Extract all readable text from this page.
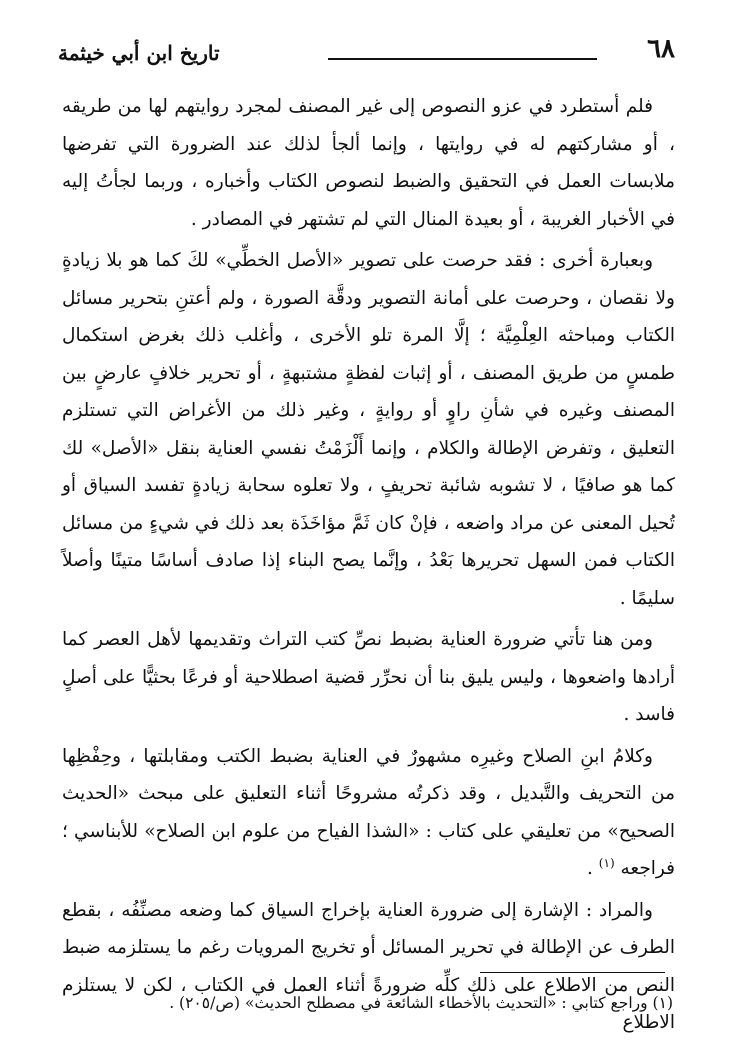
٦٨
تاريخ ابن أبي خيثمة

فلم أستطرد في عزو النصوص إلى غير المصنف لمجرد روايتهم لها من طريقه ، أو مشاركتهم له في روايتها ، وإنما ألجأ لذلك عند الضرورة التي تفرضها ملابسات العمل في التحقيق والضبط لنصوص الكتاب وأخباره ، وربما لجأتُ إليه في الأخبار الغريبة ، أو بعيدة المنال التي لم تشتهر في المصادر .

وبعبارة أخرى : فقد حرصت على تصوير «الأصل الخطِّي» لكَ كما هو بلا زيادةٍ ولا نقصان ، وحرصت على أمانة التصوير ودقَّة الصورة ، ولم أعتنِ بتحرير مسائل الكتاب ومباحثه العِلْمِيَّة ؛ إلَّا المرة تلو الأخرى ، وأغلب ذلك بغرض استكمال طمسٍ من طريق المصنف ، أو إثبات لفظةٍ مشتبهةٍ ، أو تحرير خلافٍ عارضٍ بين المصنف وغيره في شأنِ راوٍ أو روايةٍ ، وغير ذلك من الأغراض التي تستلزم التعليق ، وتفرض الإطالة والكلام ، وإنما أَلْزَمْتُ نفسي العناية بنقل «الأصل» لك كما هو صافيًا ، لا تشوبه شائبة تحريفٍ ، ولا تعلوه سحابة زيادةٍ تفسد السياق أو تُحيل المعنى عن مراد واضعه ، فإنْ كان ثَمَّ مؤاخَذَة بعد ذلك في شيءٍ من مسائل الكتاب فمن السهل تحريرها بَعْدُ ، وإنَّما يصح البناء إذا صادف أساسًا متينًا وأصلاً سليمًا .

ومن هنا تأتي ضرورة العناية بضبط نصِّ كتب التراث وتقديمها لأهل العصر كما أرادها واضعوها ، وليس يليق بنا أن نحرِّر قضية اصطلاحية أو فرعًا بحثيًّا على أصلٍ فاسد .

وكلامُ ابنِ الصلاح وغيرِه مشهورٌ في العناية بضبط الكتب ومقابلتها ، وحِفْظِها من التحريف والتَّبديل ، وقد ذكرتُه مشروحًا أثناء التعليق على مبحث «الحديث الصحيح» من تعليقي على كتاب : «الشذا الفياح من علوم ابن الصلاح» للأبناسي ؛ فراجعه $^{(١)}$ .

والمراد : الإشارة إلى ضرورة العناية بإخراج السياق كما وضعه مصنِّفُه ، بقطع الطرف عن الإطالة في تحرير المسائل أو تخريج المرويات رغم ما يستلزمه ضبط النص من الاطلاع على ذلك كلِّه ضرورةً أثناء العمل في الكتاب ، لكن لا يستلزم الاطلاع

(١) وراجع كتابي : «التحديث بالأخطاء الشائعة في مصطلح الحديث» (ص/٢٠٥) .
